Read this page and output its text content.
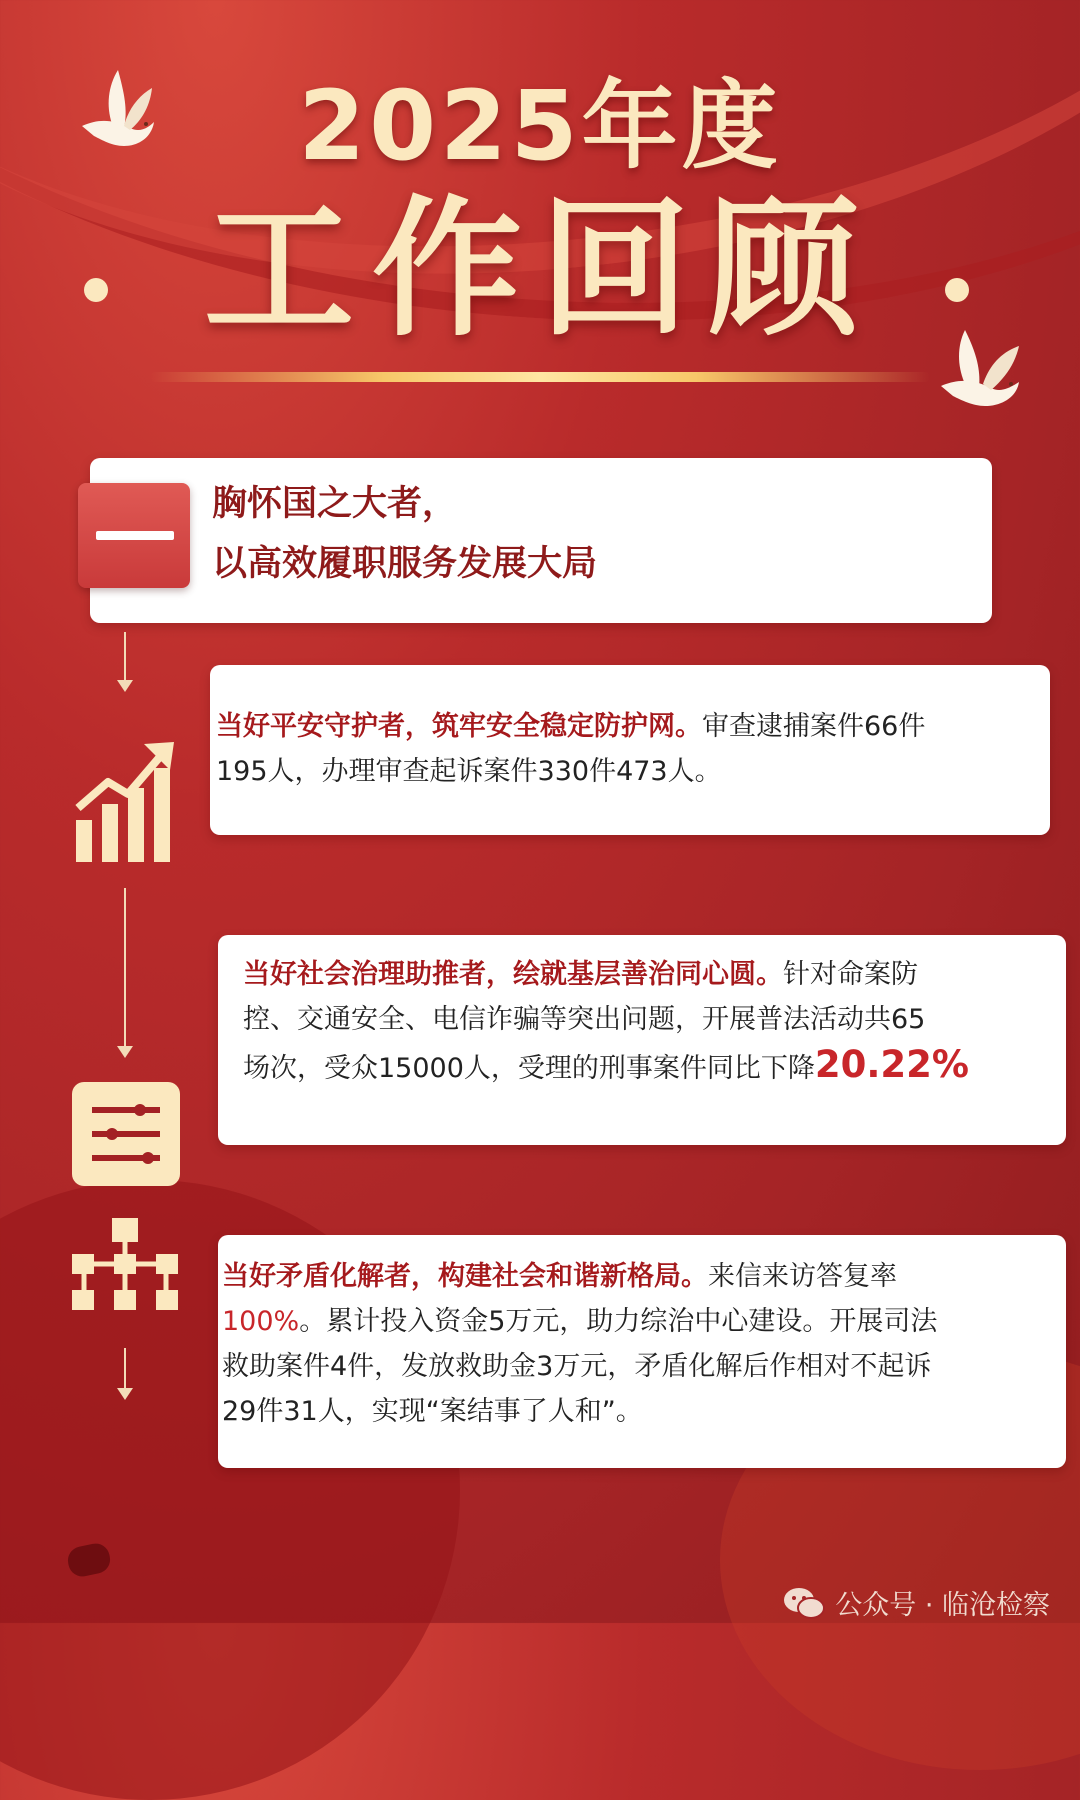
2025年度
工作回顾
胸怀国之大者，
以高效履职服务发展大局
当好平安守护者，筑牢安全稳定防护网。审查逮捕案件66件
195人，办理审查起诉案件330件473人。
当好社会治理助推者，绘就基层善治同心圆。针对命案防
控、交通安全、电信诈骗等突出问题，开展普法活动共65
场次，受众15000人，受理的刑事案件同比下降20.22%
当好矛盾化解者，构建社会和谐新格局。来信来访答复率
100%。累计投入资金5万元，助力综治中心建设。开展司法
救助案件4件，发放救助金3万元，矛盾化解后作相对不起诉
29件31人，实现“案结事了人和”。
公众号 · 临沧检察
